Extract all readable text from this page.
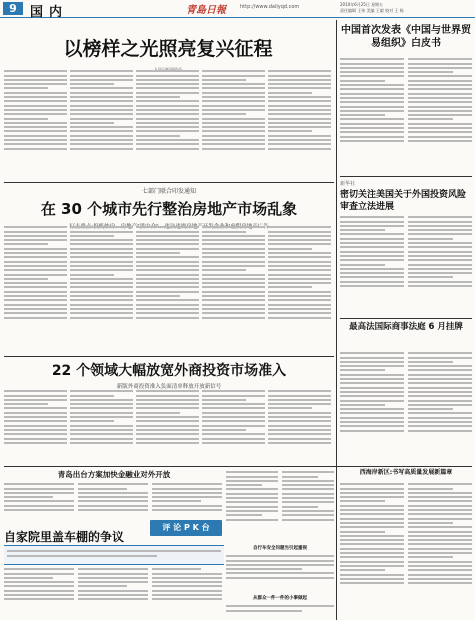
9	国内	青島日報	http://www.dailyqd.com	2010年6月25日 星期五
责任编辑 王伟 美编 王毅 校对 王 杨
以榜样之光照亮复兴征程
中国首次发表《中国与世界贸易组织》白皮书
七部门联合印发通知
在 30 个城市先行整治房地产市场乱象
新华社
密切关注美国关于外国投资风险审查立法进展
22 个领域大幅放宽外商投资市场准入
新版外商投资准入负面清单释放开放新信号
最高法国际商事法庭 6 月挂牌
青岛出台方案加快金融业对外开放
自家院里盖车棚的争议
评 论 P K 台
自行车安全问题当引起重视
从群众一件一件的小事做起
西海岸新区:书写高质量发展新篇章
